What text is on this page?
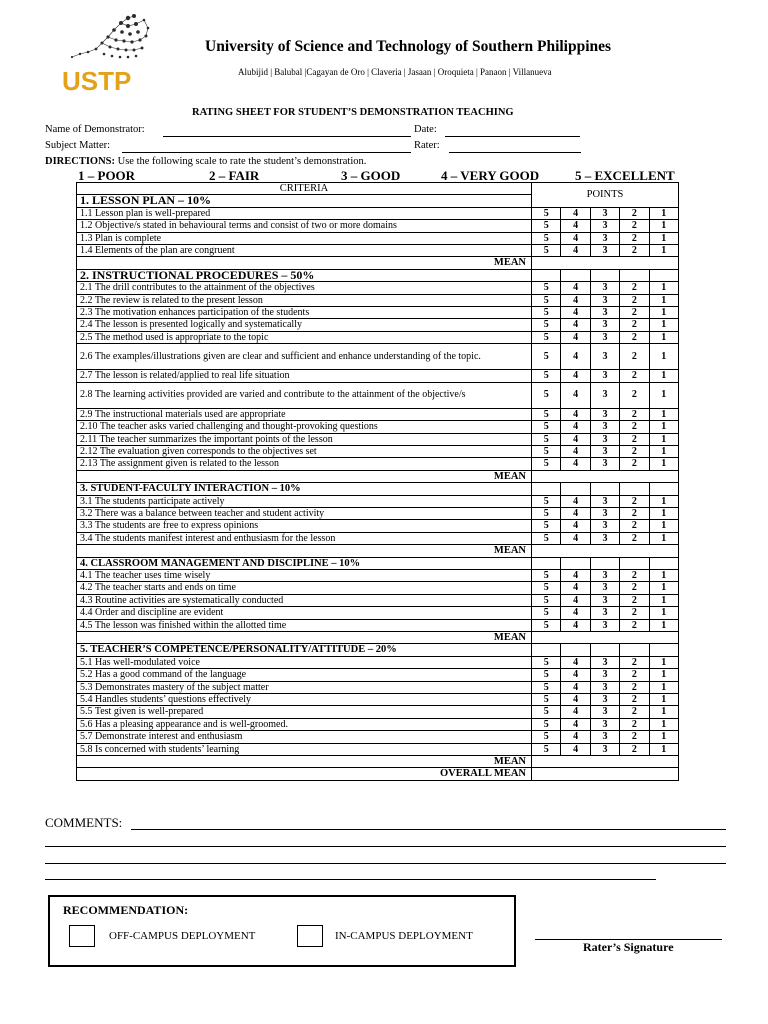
USTP
University of Science and Technology of Southern Philippines
Alubijid | Balubal |Cagayan de Oro | Claveria | Jasaan | Oroquieta | Panaon | Villanueva
RATING SHEET FOR STUDENT’S DEMONSTRATION TEACHING
Name of Demonstrator:	Date:
Subject Matter:	Rater:
DIRECTIONS: Use the following scale to rate the student’s demonstration.
1 – POOR	2 – FAIR	3 – GOOD	4 – VERY GOOD	5 – EXCELLENT
CRITERIA	POINTS				
1. LESSON PLAN – 10%					
1.1 Lesson plan is well-prepared	5	4	3	2	1
1.2 Objective/s stated in behavioural terms and consist of two or more domains	5	4	3	2	1
1.3 Plan is complete	5	4	3	2	1
1.4 Elements of the plan are congruent	5	4	3	2	1
MEAN					
2. INSTRUCTIONAL PROCEDURES – 50%					
2.1 The drill contributes to the attainment of the objectives	5	4	3	2	1
2.2 The review is related to the present lesson	5	4	3	2	1
2.3 The motivation enhances participation of the students	5	4	3	2	1
2.4 The lesson is presented logically and systematically	5	4	3	2	1
2.5 The method used is appropriate to the topic	5	4	3	2	1
2.6 The examples/illustrations given are clear and sufficient and enhance understanding of the topic.	5	4	3	2	1
2.7 The lesson is related/applied to real life situation	5	4	3	2	1
2.8 The learning activities provided are varied and contribute to the attainment of the objective/s	5	4	3	2	1
2.9 The instructional materials used are appropriate	5	4	3	2	1
2.10 The teacher asks varied challenging and thought-provoking questions	5	4	3	2	1
2.11 The teacher summarizes the important points of the lesson	5	4	3	2	1
2.12 The evaluation given corresponds to the objectives set	5	4	3	2	1
2.13 The assignment given is related to the lesson	5	4	3	2	1
MEAN					
3. STUDENT-FACULTY INTERACTION – 10%					
3.1 The students participate actively	5	4	3	2	1
3.2 There was a balance between teacher and student activity	5	4	3	2	1
3.3 The students are free to express opinions	5	4	3	2	1
3.4 The students manifest interest and enthusiasm for the lesson	5	4	3	2	1
MEAN					
4. CLASSROOM MANAGEMENT AND DISCIPLINE – 10%					
4.1 The teacher uses time wisely	5	4	3	2	1
4.2 The teacher starts and ends on time	5	4	3	2	1
4.3 Routine activities are systematically conducted	5	4	3	2	1
4.4 Order and discipline are evident	5	4	3	2	1
4.5 The lesson was finished within the allotted time	5	4	3	2	1
MEAN					
5. TEACHER’S COMPETENCE/PERSONALITY/ATTITUDE – 20%					
5.1 Has well-modulated voice	5	4	3	2	1
5.2 Has a good command of the language	5	4	3	2	1
5.3 Demonstrates mastery of the subject matter	5	4	3	2	1
5.4 Handles students’ questions effectively	5	4	3	2	1
5.5 Test given is well-prepared	5	4	3	2	1
5.6 Has a pleasing appearance and is well-groomed.	5	4	3	2	1
5.7 Demonstrate interest and enthusiasm	5	4	3	2	1
5.8 Is concerned with students’ learning	5	4	3	2	1
MEAN					
OVERALL MEAN					
COMMENTS:
RECOMMENDATION:
OFF-CAMPUS DEPLOYMENT	IN-CAMPUS DEPLOYMENT
Rater’s Signature
